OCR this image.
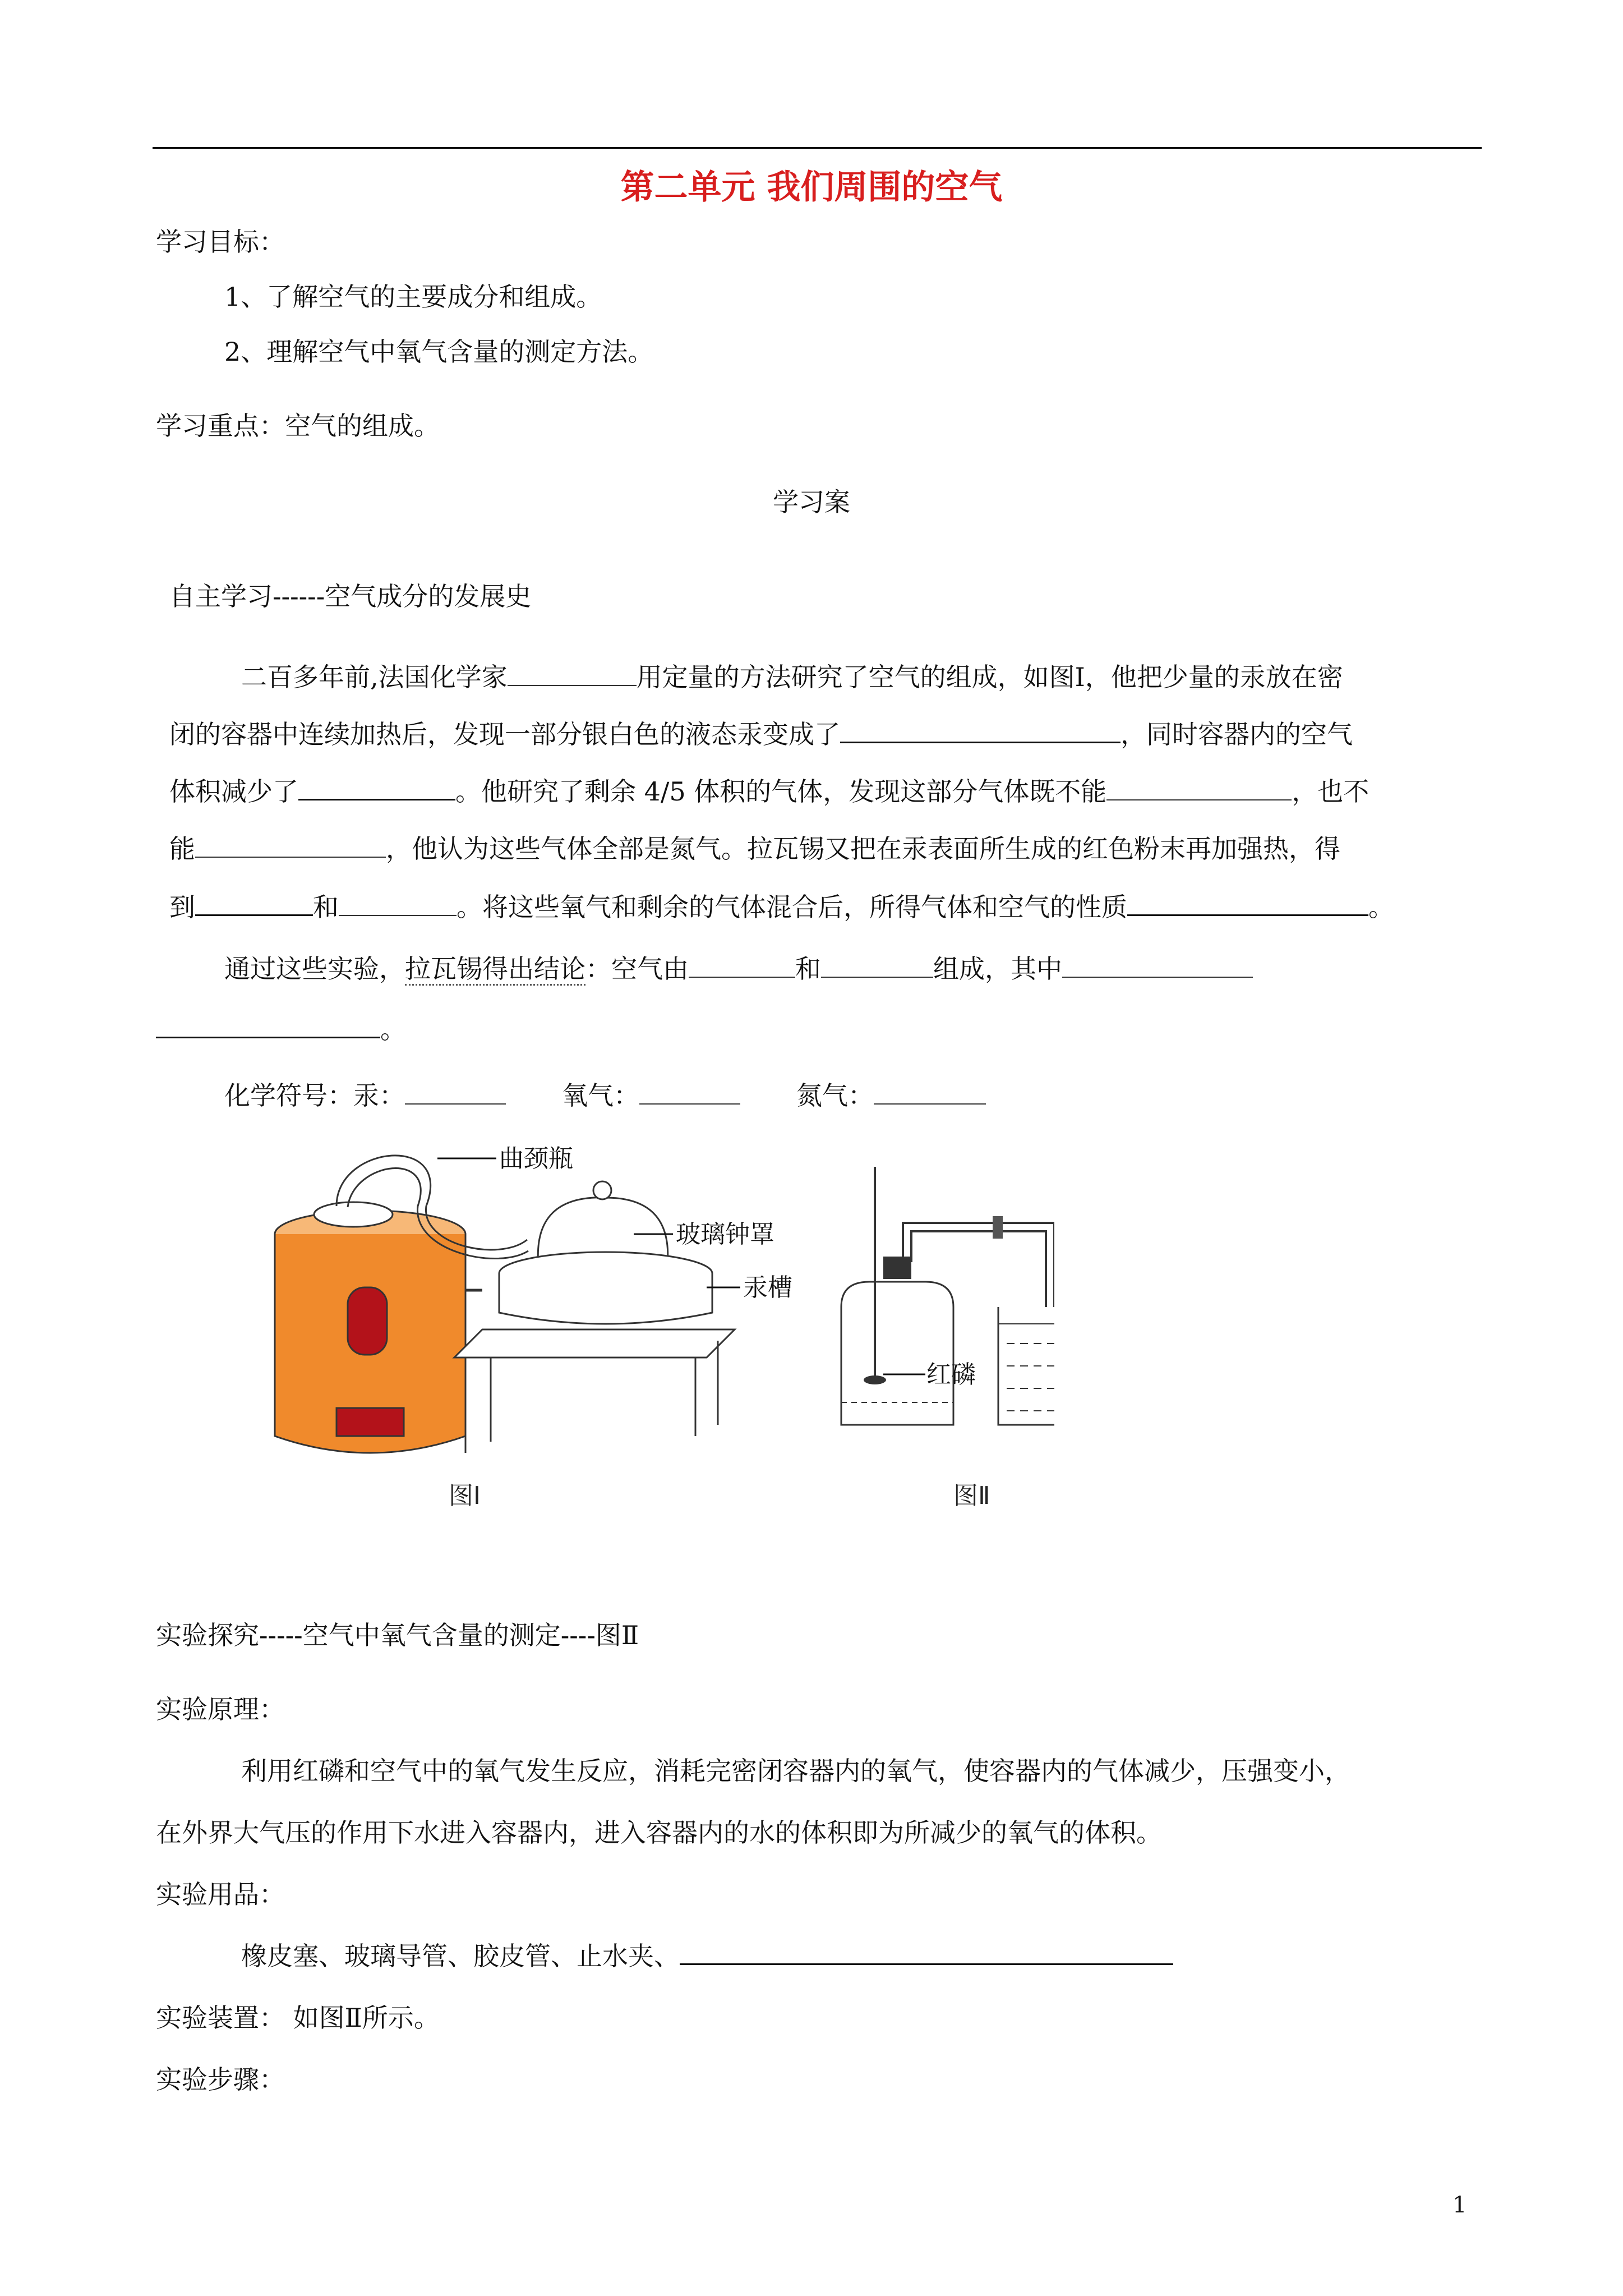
第二单元 我们周围的空气
学习目标：
1、了解空气的主要成分和组成。
2、理解空气中氧气含量的测定方法。
学习重点：空气的组成。
学习案
自主学习------空气成分的发展史
二百多年前,法国化学家	用定量的方法研究了空气的组成，如图Ⅰ，他把少量的汞放在密
闭的容器中连续加热后，发现一部分银白色的液态汞变成了	，同时容器内的空气
体积减少了	。他研究了剩余 4/5 体积的气体，发现这部分气体既不能	，也不
能	，他认为这些气体全部是氮气。拉瓦锡又把在汞表面所生成的红色粉末再加强热，得
到	和	。将这些氧气和剩余的气体混合后，所得气体和空气的性质	。
通过这些实验，拉瓦锡得出结论：空气由	和	组成，其中
。
化学符号：汞：	氧气：	氮气：
曲颈瓶
玻璃钟罩
汞槽
红磷
图Ⅰ	图Ⅱ
实验探究-----空气中氧气含量的测定----图Ⅱ
实验原理：
利用红磷和空气中的氧气发生反应，消耗完密闭容器内的氧气，使容器内的气体减少，压强变小，
在外界大气压的作用下水进入容器内，进入容器内的水的体积即为所减少的氧气的体积。
实验用品：
橡皮塞、玻璃导管、胶皮管、止水夹、
实验装置： 如图Ⅱ所示。
实验步骤：
1
